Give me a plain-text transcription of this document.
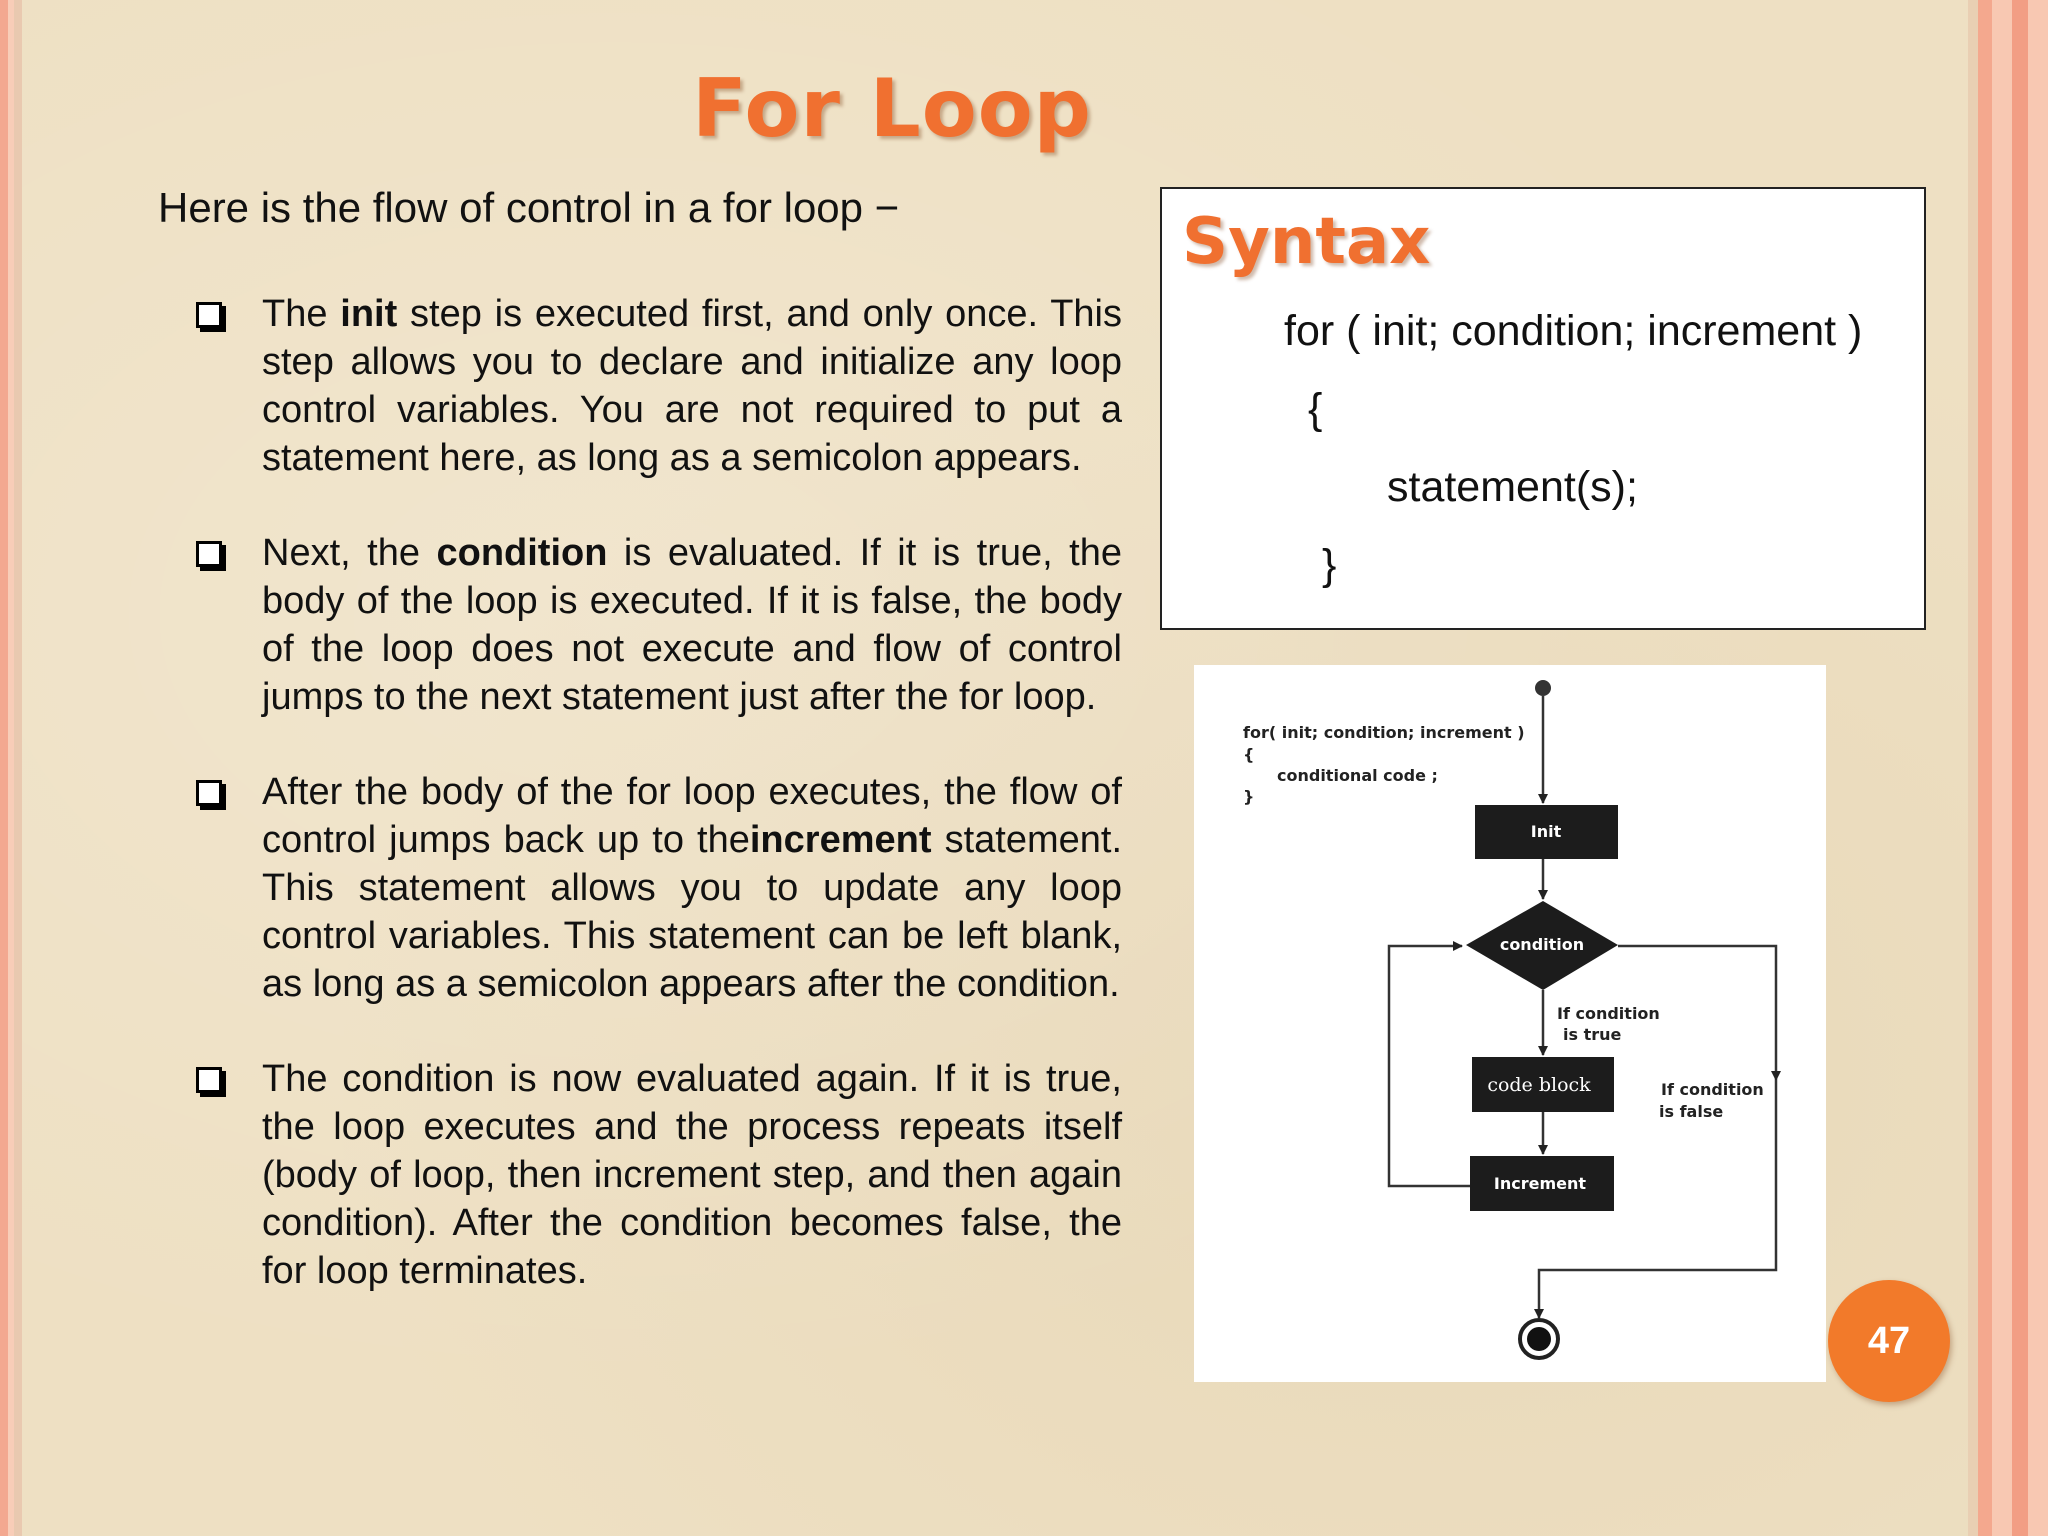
For Loop
Here is the flow of control in a for loop −

The init step is executed first, and only once. This step allows you to declare and initialize any loop control variables. You are not required to put a statement here, as long as a semicolon appears.

Next, the condition is evaluated. If it is true, the body of the loop is executed. If it is false, the body of the loop does not execute and flow of control jumps to the next statement just after the for loop.

After the body of the for loop executes, the flow of control jumps back up to theincrement statement. This statement allows you to update any loop control variables. This statement can be left blank, as long as a semicolon appears after the condition.

The condition is now evaluated again. If it is true, the loop executes and the process repeats itself (body of loop, then increment step, and then again condition). After the condition becomes false, the for loop terminates.

Syntax
for ( init; condition; increment )
{
statement(s);
}
for( init; condition; increment )
{
conditional code ;
}
Init
condition
If condition
is true
code block
Increment
If condition
is false
47
